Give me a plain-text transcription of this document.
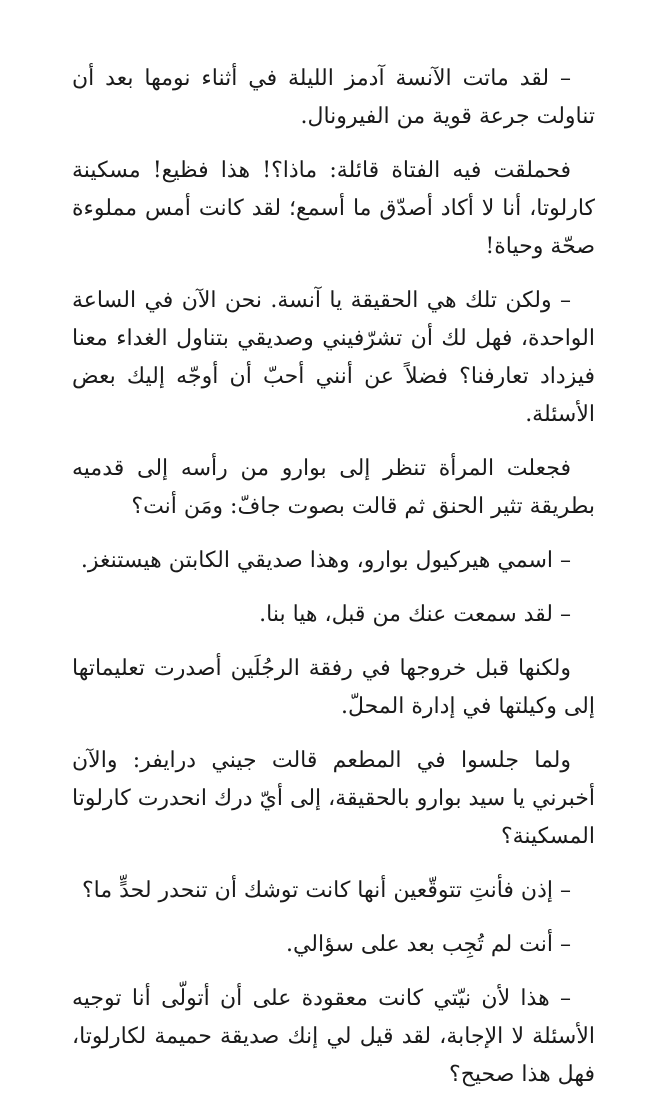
– لقد ماتت الآنسة آدمز الليلة في أثناء نومها بعد أن تناولت جرعة قوية من الفيرونال.

فحملقت فيه الفتاة قائلة: ماذا؟! هذا فظيع! مسكينة كارلوتا، أنا لا أكاد أصدّق ما أسمع؛ لقد كانت أمس مملوءة صحّة وحياة!

– ولكن تلك هي الحقيقة يا آنسة. نحن الآن في الساعة الواحدة، فهل لك أن تشرّفيني وصديقي بتناول الغداء معنا فيزداد تعارفنا؟ فضلاً عن أنني أحبّ أن أوجّه إليك بعض الأسئلة.

فجعلت المرأة تنظر إلى بوارو من رأسه إلى قدميه بطريقة تثير الحنق ثم قالت بصوت جافّ: ومَن أنت؟

– اسمي هيركيول بوارو، وهذا صديقي الكابتن هيستنغز.

– لقد سمعت عنك من قبل، هيا بنا.

ولكنها قبل خروجها في رفقة الرجُلَين أصدرت تعليماتها إلى وكيلتها في إدارة المحلّ.

ولما جلسوا في المطعم قالت جيني درايفر: والآن أخبرني يا سيد بوارو بالحقيقة، إلى أيّ درك انحدرت كارلوتا المسكينة؟

– إذن فأنتِ تتوقّعين أنها كانت توشك أن تنحدر لحدٍّ ما؟

– أنت لم تُجِب بعد على سؤالي.

– هذا لأن نيّتي كانت معقودة على أن أتولّى أنا توجيه الأسئلة لا الإجابة، لقد قيل لي إنك صديقة حميمة لكارلوتا، فهل هذا صحيح؟
